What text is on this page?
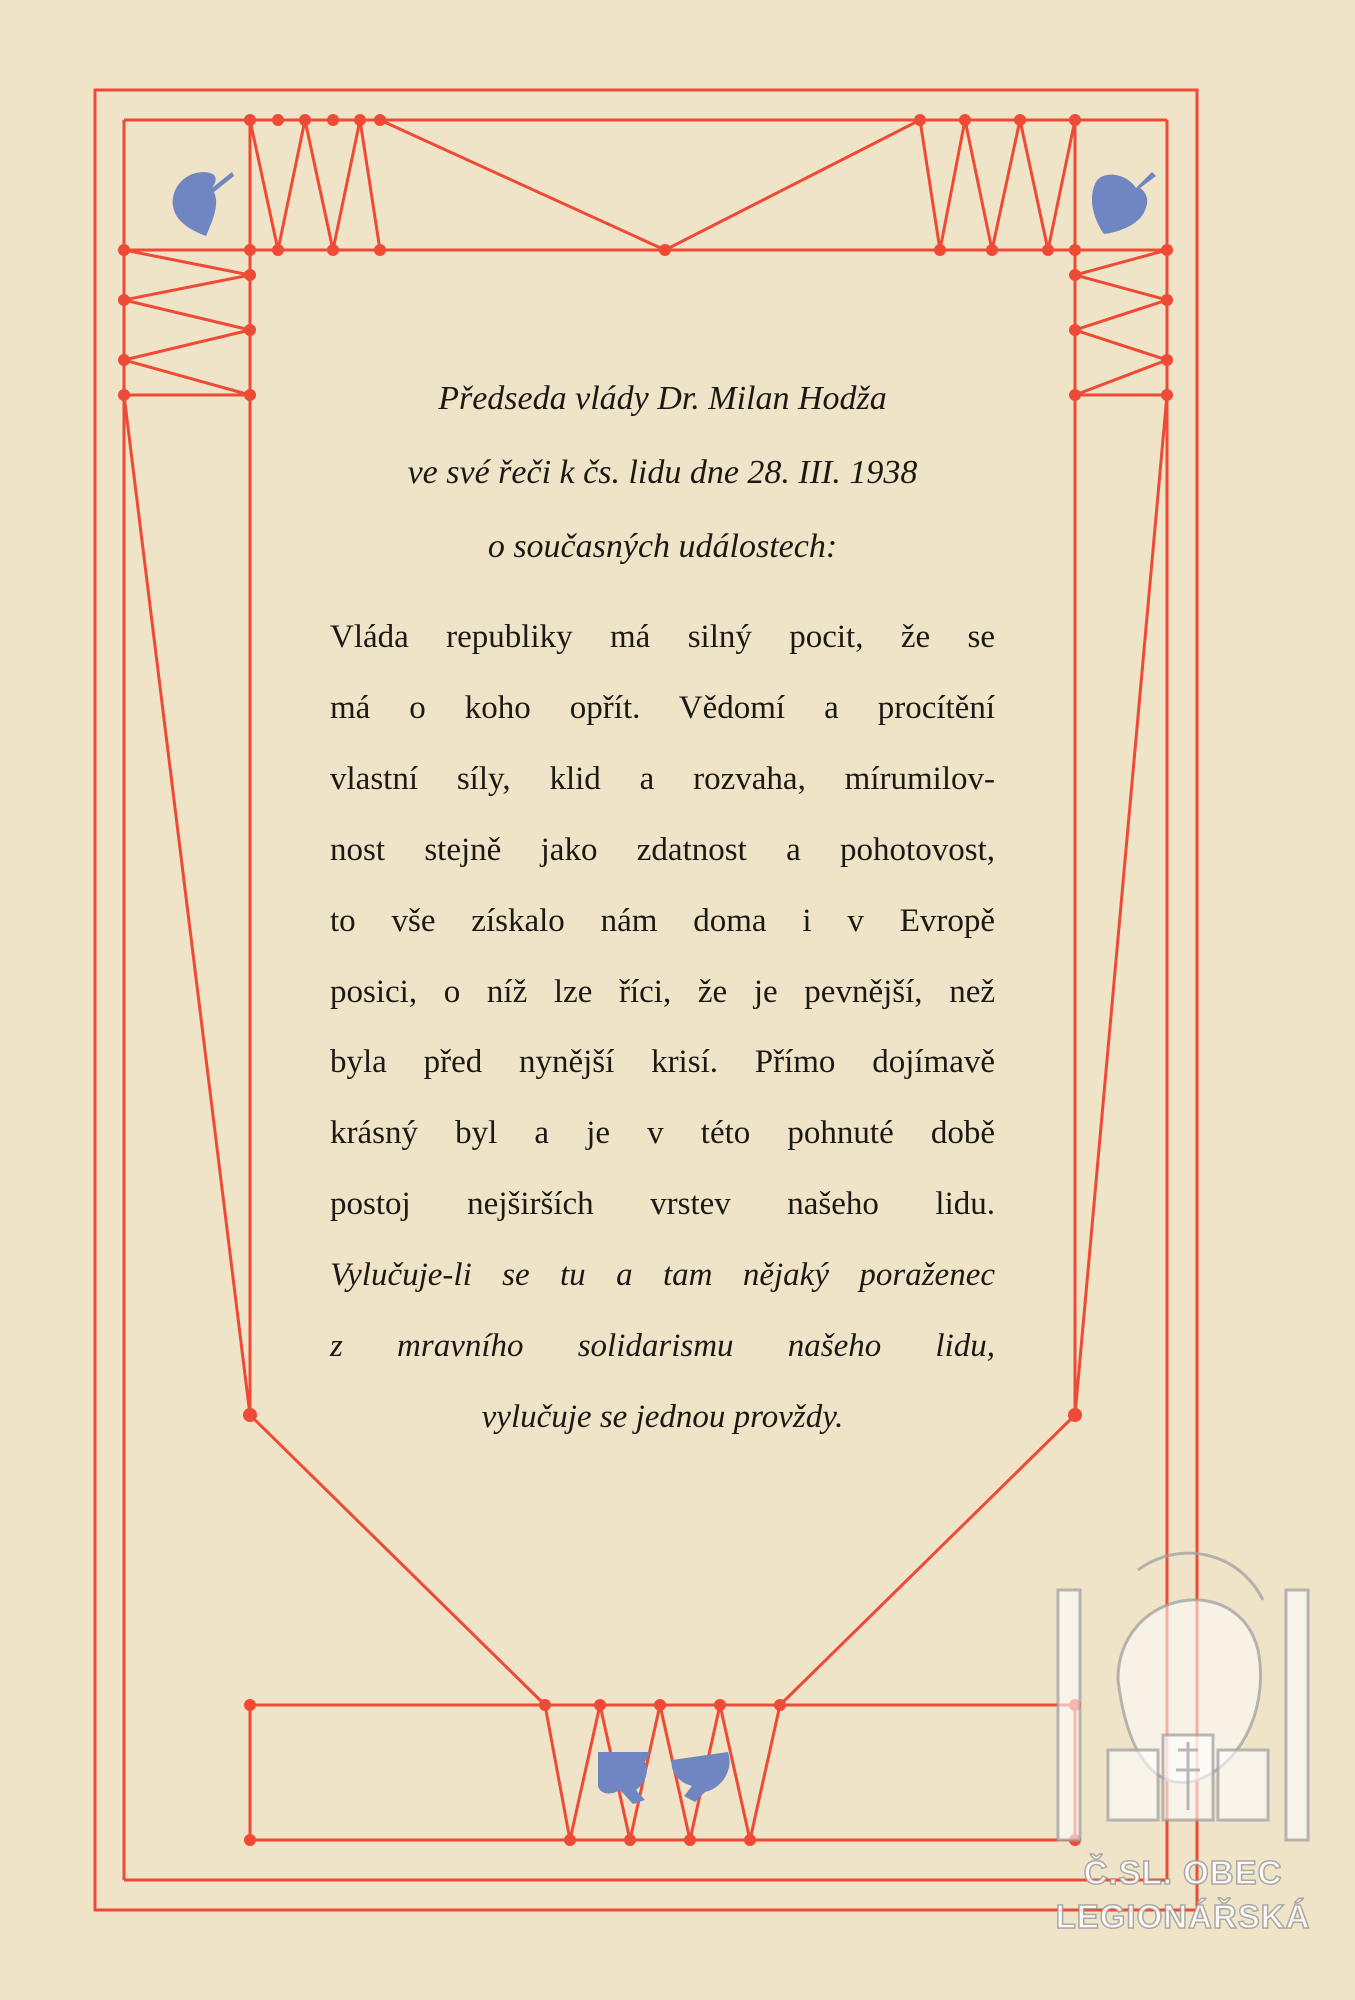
Předseda vlády Dr. Milan Hodža
ve své řeči k čs. lidu dne 28. III. 1938
o současných událostech:

Vláda republiky má silný pocit, že se

má o koho opřít. Vědomí a procítění

vlastní síly, klid a rozvaha, mírumilov-

nost stejně jako zdatnost a pohotovost,

to vše získalo nám doma i v Evropě

posici, o níž lze říci, že je pevnější, než

byla před nynější krisí. Přímo dojímavě

krásný byl a je v této pohnuté době

postoj nejširších vrstev našeho lidu.

Vylučuje-li se tu a tam nějaký poraženec

z mravního solidarismu našeho lidu,

vylučuje se jednou provždy.

Č.SL. OBEC
LEGIONÁŘSKÁ
